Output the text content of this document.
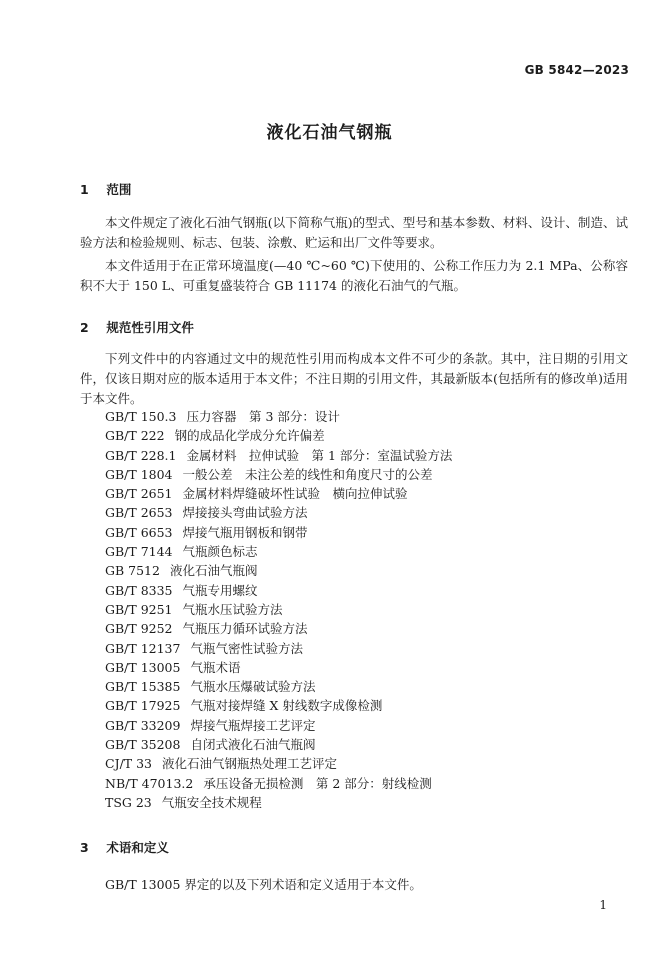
GB 5842—2023
液化石油气钢瓶
1 范围

本文件规定了液化石油气钢瓶(以下简称气瓶)的型式、型号和基本参数、材料、设计、制造、试验方法和检验规则、标志、包装、涂敷、贮运和出厂文件等要求。

本文件适用于在正常环境温度(—40 ℃~60 ℃)下使用的、公称工作压力为 2.1 MPa、公称容积不大于 150 L、可重复盛装符合 GB 11174 的液化石油气的气瓶。

2 规范性引用文件

下列文件中的内容通过文中的规范性引用而构成本文件不可少的条款。其中，注日期的引用文件，仅该日期对应的版本适用于本文件；不注日期的引用文件，其最新版本(包括所有的修改单)适用于本文件。

GB/T 150.3 压力容器　第 3 部分：设计
GB/T 222 钢的成品化学成分允许偏差
GB/T 228.1 金属材料　拉伸试验　第 1 部分：室温试验方法
GB/T 1804 一般公差　未注公差的线性和角度尺寸的公差
GB/T 2651 金属材料焊缝破坏性试验　横向拉伸试验
GB/T 2653 焊接接头弯曲试验方法
GB/T 6653 焊接气瓶用钢板和钢带
GB/T 7144 气瓶颜色标志
GB 7512 液化石油气瓶阀
GB/T 8335 气瓶专用螺纹
GB/T 9251 气瓶水压试验方法
GB/T 9252 气瓶压力循环试验方法
GB/T 12137 气瓶气密性试验方法
GB/T 13005 气瓶术语
GB/T 15385 气瓶水压爆破试验方法
GB/T 17925 气瓶对接焊缝 X 射线数字成像检测
GB/T 33209 焊接气瓶焊接工艺评定
GB/T 35208 自闭式液化石油气瓶阀
CJ/T 33 液化石油气钢瓶热处理工艺评定
NB/T 47013.2 承压设备无损检测　第 2 部分：射线检测
TSG 23 气瓶安全技术规程
3 术语和定义

GB/T 13005 界定的以及下列术语和定义适用于本文件。

1
